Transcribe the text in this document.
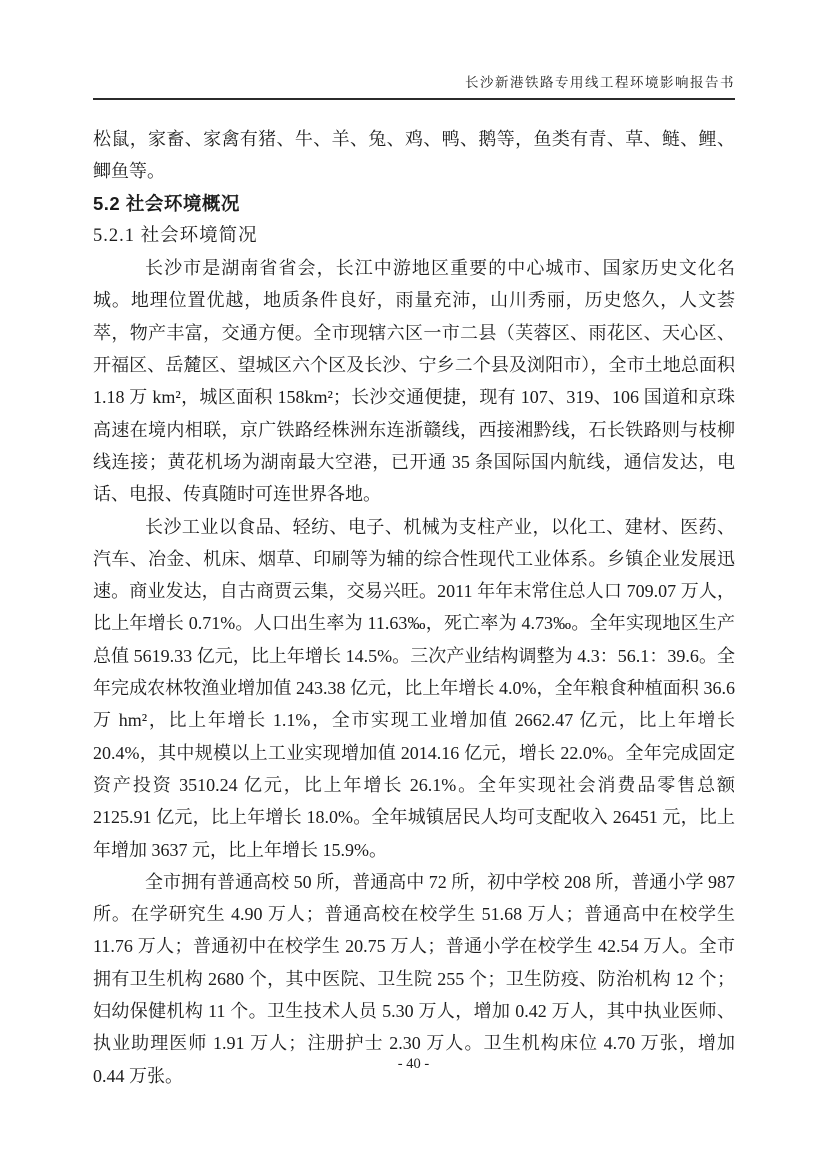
长沙新港铁路专用线工程环境影响报告书

松鼠，家畜、家禽有猪、牛、羊、兔、鸡、鸭、鹅等，鱼类有青、草、鲢、鲤、鲫鱼等。

5.2 社会环境概况

5.2.1 社会环境简况

长沙市是湖南省省会，长江中游地区重要的中心城市、国家历史文化名城。地理位置优越，地质条件良好，雨量充沛，山川秀丽，历史悠久，人文荟萃，物产丰富，交通方便。全市现辖六区一市二县（芙蓉区、雨花区、天心区、开福区、岳麓区、望城区六个区及长沙、宁乡二个县及浏阳市），全市土地总面积 1.18 万 km²，城区面积 158km²；长沙交通便捷，现有 107、319、106 国道和京珠高速在境内相联，京广铁路经株洲东连浙赣线，西接湘黔线，石长铁路则与枝柳线连接；黄花机场为湖南最大空港，已开通 35 条国际国内航线，通信发达，电话、电报、传真随时可连世界各地。

长沙工业以食品、轻纺、电子、机械为支柱产业，以化工、建材、医药、汽车、冶金、机床、烟草、印刷等为辅的综合性现代工业体系。乡镇企业发展迅速。商业发达，自古商贾云集，交易兴旺。2011 年年末常住总人口 709.07 万人，比上年增长 0.71%。人口出生率为 11.63‰，死亡率为 4.73‰。全年实现地区生产总值 5619.33 亿元，比上年增长 14.5%。三次产业结构调整为 4.3：56.1：39.6。全年完成农林牧渔业增加值 243.38 亿元，比上年增长 4.0%，全年粮食种植面积 36.6 万 hm²，比上年增长 1.1%，全市实现工业增加值 2662.47 亿元，比上年增长 20.4%，其中规模以上工业实现增加值 2014.16 亿元，增长 22.0%。全年完成固定资产投资 3510.24 亿元，比上年增长 26.1%。全年实现社会消费品零售总额 2125.91 亿元，比上年增长 18.0%。全年城镇居民人均可支配收入 26451 元，比上年增加 3637 元，比上年增长 15.9%。

全市拥有普通高校 50 所，普通高中 72 所，初中学校 208 所，普通小学 987 所。在学研究生 4.90 万人；普通高校在校学生 51.68 万人；普通高中在校学生 11.76 万人；普通初中在校学生 20.75 万人；普通小学在校学生 42.54 万人。全市拥有卫生机构 2680 个，其中医院、卫生院 255 个；卫生防疫、防治机构 12 个；妇幼保健机构 11 个。卫生技术人员 5.30 万人，增加 0.42 万人，其中执业医师、执业助理医师 1.91 万人；注册护士 2.30 万人。卫生机构床位 4.70 万张，增加 0.44 万张。

- 40 -
